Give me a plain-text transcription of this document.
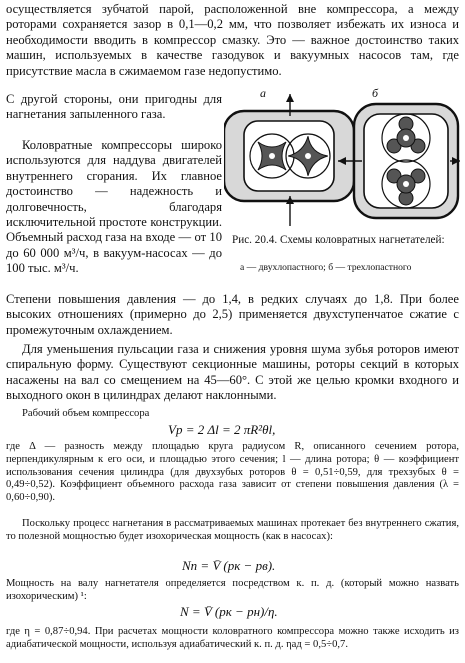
осуществляется зубчатой парой, расположенной вне компрессора, а между роторами сохраняется зазор в 0,1—0,2 мм, что позволяет избежать их износа и необходимости вводить в компрессор смазку. Это — важное достоинство таких машин, используемых в качестве газодувок и вакуумных насосов там, где присутствие масла в сжимаемом газе недопустимо.

С другой стороны, они пригодны для нагнетания запыленного газа.

Коловратные компрессоры широко используются для наддува двигателей внутреннего сгорания. Их главное достоинство — надежность и долговечность, благодаря исключительной простоте конструкции. Объемный расход газа на входе — от 10 до 60 000 м³/ч, в вакуум-насосах — до 100 тыс. м³/ч.

Степени повышения давления — до 1,4, в редких случаях до 1,8. При более высоких отношениях (примерно до 2,5) применяется двухступенчатое сжатие с промежуточным охлаждением.

Для уменьшения пульсации газа и снижения уровня шума зубья роторов имеют спиральную форму. Существуют секционные машины, роторы секций в которых насажены на вал со смещением на 45—60°. С этой же целью кромки входного и выходного окон в цилиндрах делают наклонными.

Рабочий объем компрессора

Vр = 2 Δl = 2 πR²θl,

где Δ — разность между площадью круга радиусом R, описанного сечением ротора, перпендикулярным к его оси, и площадью этого сечения; l — длина ротора; θ — коэффициент использования сечения цилиндра (для двухзубых роторов θ = 0,51÷0,59, для трехзубых θ = 0,49÷0,52). Коэффициент объемного расхода газа зависит от степени повышения давления (λ = 0,60÷0,90).

Поскольку процесс нагнетания в рассматриваемых машинах протекает без внутреннего сжатия, то полезной мощностью будет изохорическая мощность (как в насосах):

Nп = V̄ (pк − pв).

Мощность на валу нагнетателя определяется посредством к. п. д. (который можно назвать изохорическим) ¹:

N = V̄ (pк − pн)/η.

где η = 0,87÷0,94. При расчетах мощности коловратного компрессора можно также исходить из адиабатической мощности, используя адиабатический к. п. д. ηад = 0,5÷0,7.

а	б
Рис. 20.4. Схемы коловратных нагнетателей:
а — двухлопастного; б — трехлопастного
